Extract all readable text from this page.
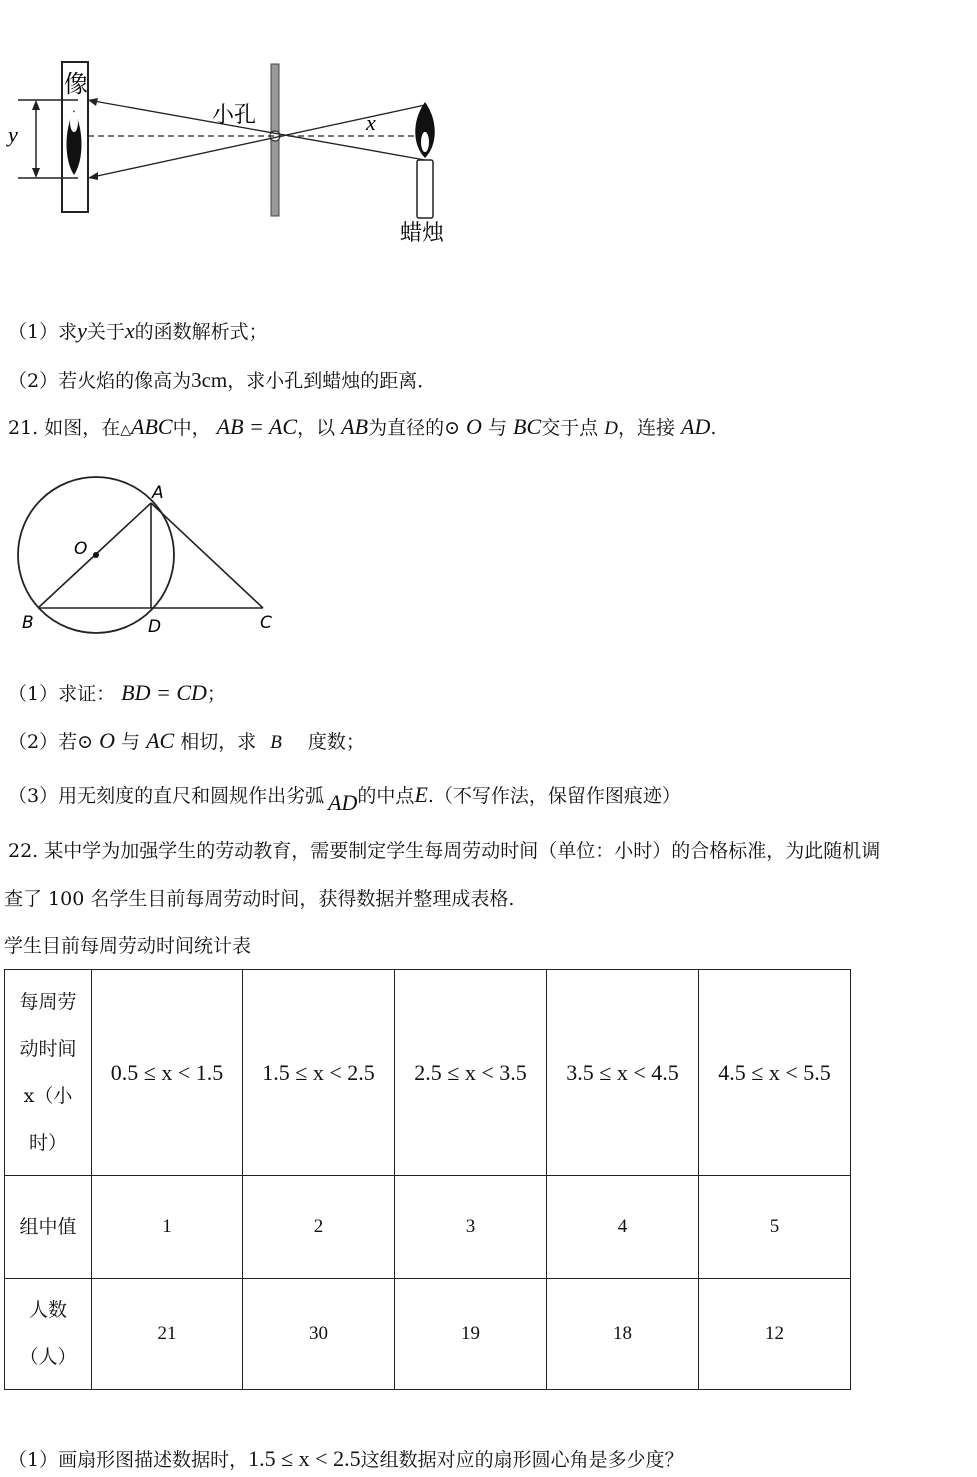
像
y
小孔	x
蜡烛
（1）求y关于x的函数解析式；
（2）若火焰的像高为3cm，求小孔到蜡烛的距离．
21. 如图，在△ABC中， AB = AC，以 AB为直径的⊙ O 与 BC交于点 D，连接 AD.
A
O
B	D	C
（1）求证： BD = CD；
（2）若⊙ O 与 AC 相切，求 B 度数；
（3）用无刻度的直尺和圆规作出劣弧 AD的中点E.（不写作法，保留作图痕迹）
22. 某中学为加强学生的劳动教育，需要制定学生每周劳动时间（单位：小时）的合格标准，为此随机调
查了 100 名学生目前每周劳动时间，获得数据并整理成表格.
学生目前每周劳动时间统计表
每周劳
动时间
x（小
时）	0.5 ≤ x < 1.5	1.5 ≤ x < 2.5	2.5 ≤ x < 3.5	3.5 ≤ x < 4.5	4.5 ≤ x < 5.5
组中值	1	2	3	4	5

人数
（人）	21	30	19	18	12
（1）画扇形图描述数据时，1.5 ≤ x < 2.5这组数据对应的扇形圆心角是多少度？
